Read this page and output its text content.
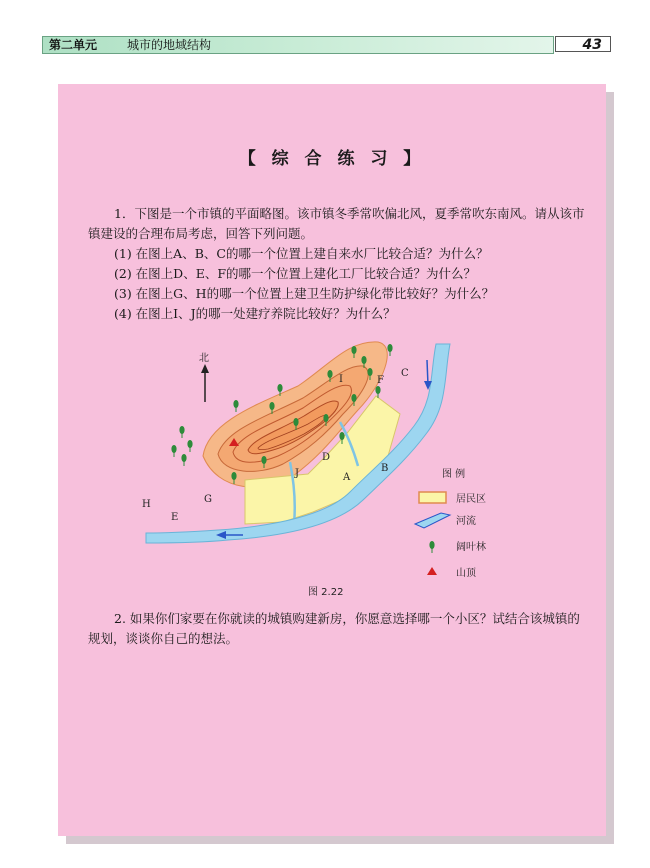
第二单元 城市的地域结构	43
【 综 合 练 习 】
1．下图是一个市镇的平面略图。该市镇冬季常吹偏北风，夏季常吹东南风。请从该市
镇建设的合理布局考虑，回答下列问题。
(1) 在图上A、B、C的哪一个位置上建自来水厂比较合适？为什么？
(2) 在图上D、E、F的哪一个位置上建化工厂比较合适？为什么？
(3) 在图上G、H的哪一个位置上建卫生防护绿化带比较好？为什么？
(4) 在图上I、J的哪一处建疗养院比较好？为什么？
北
C
F
I
D
J	A
B
G
H
E
图 例
居民区
河流
阔叶林
山顶
图 2.22
2. 如果你们家要在你就读的城镇购建新房，你愿意选择哪一个小区？试结合该城镇的
规划，谈谈你自己的想法。
